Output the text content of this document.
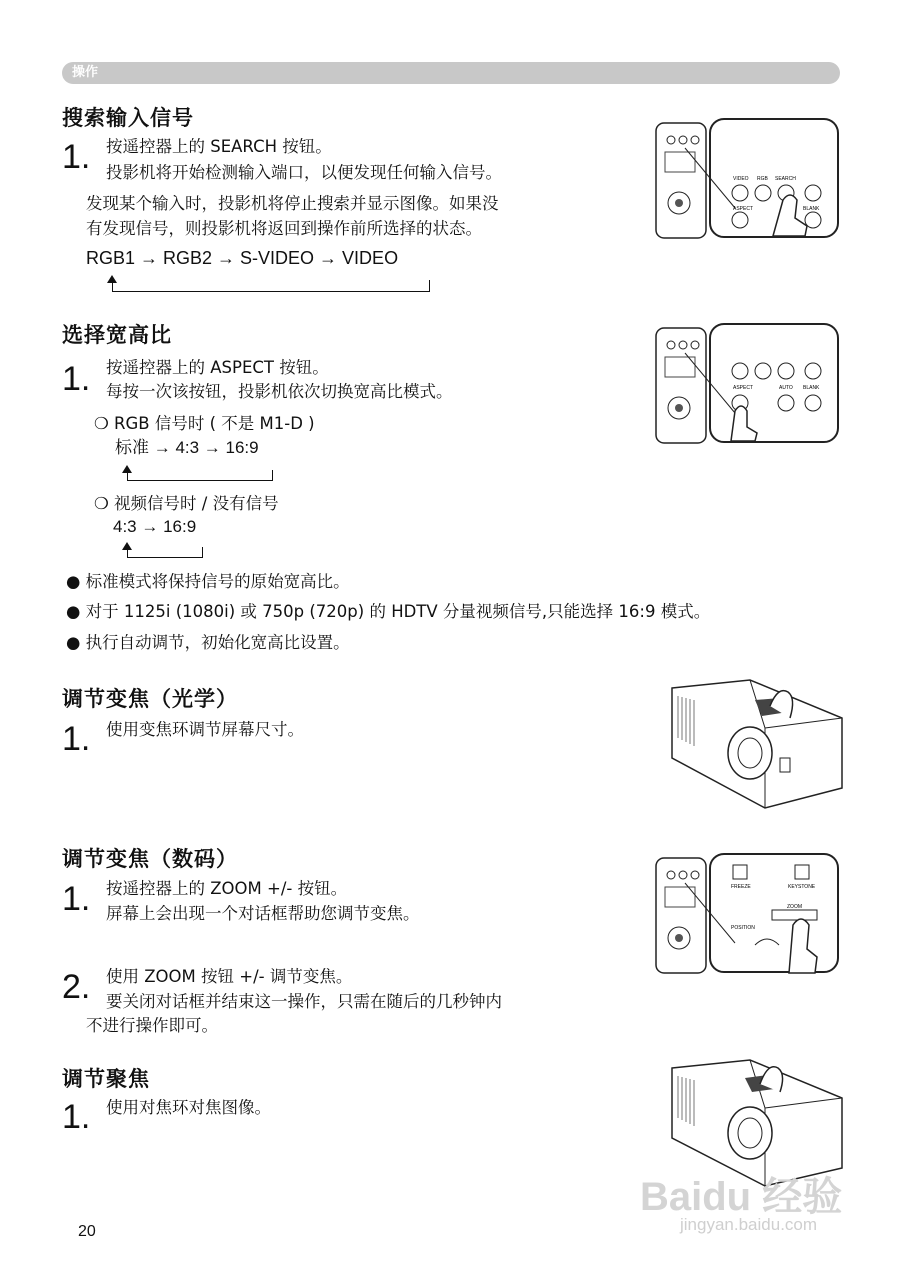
操作
搜索输入信号
1. 按遥控器上的 SEARCH 按钮。
投影机将开始检测输入端口，以便发现任何输入信号。
发现某个输入时，投影机将停止搜索并显示图像。如果没
有发现信号，则投影机将返回到操作前所选择的状态。
RGB1 → RGB2 → S-VIDEO → VIDEO
VIDEO RGB SEARCH
BLANK
ASPECT
选择宽高比
1. 按遥控器上的 ASPECT 按钮。
每按一次该按钮，投影机依次切换宽高比模式。
❍ RGB 信号时 ( 不是 M1-D )
标准 → 4:3 → 16:9
❍ 视频信号时 / 没有信号
4:3 → 16:9
● 标准模式将保持信号的原始宽高比。
● 对于 1125i (1080i) 或 750p (720p) 的 HDTV 分量视频信号,只能选择 16:9 模式。
● 执行自动调节，初始化宽高比设置。
ASPECT	AUTO BLANK
调节变焦（光学）
1. 使用变焦环调节屏幕尺寸。
调节变焦（数码）
1. 按遥控器上的 ZOOM +/- 按钮。
屏幕上会出现一个对话框帮助您调节变焦。
2. 使用 ZOOM 按钮 +/- 调节变焦。
要关闭对话框并结束这一操作，只需在随后的几秒钟内
不进行操作即可。
FREEZE	KEYSTONE
POSITION
ZOOM
调节聚焦
1. 使用对焦环对焦图像。
Baidu 经验
jingyan.baidu.com
20
